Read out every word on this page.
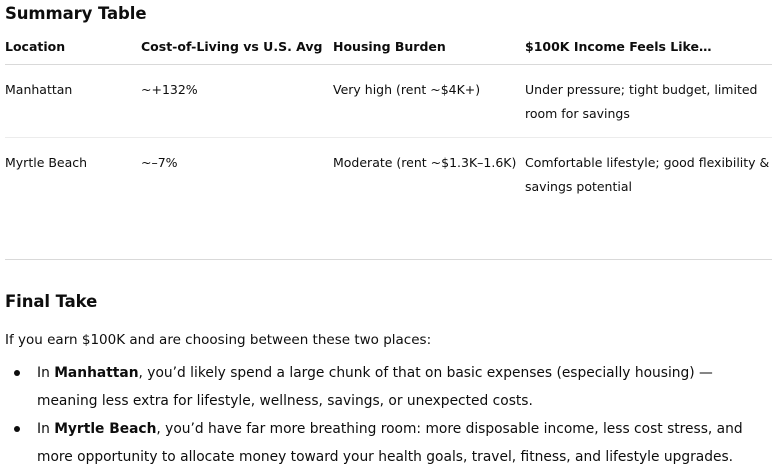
Summary Table
Location	Cost-of-Living vs U.S. Avg	Housing Burden	$100K Income Feels Like…
Manhattan	~+132%	Very high (rent ~$4K+)	Under pressure; tight budget, limited room for savings
Myrtle Beach	~–7%	Moderate (rent ~$1.3K–1.6K)	Comfortable lifestyle; good flexibility & savings potential
Final Take
If you earn $100K and are choosing between these two places:
In Manhattan, you’d likely spend a large chunk of that on basic expenses (especially housing) — meaning less extra for lifestyle, wellness, savings, or unexpected costs.
In Myrtle Beach, you’d have far more breathing room: more disposable income, less cost stress, and more opportunity to allocate money toward your health goals, travel, fitness, and lifestyle upgrades.
